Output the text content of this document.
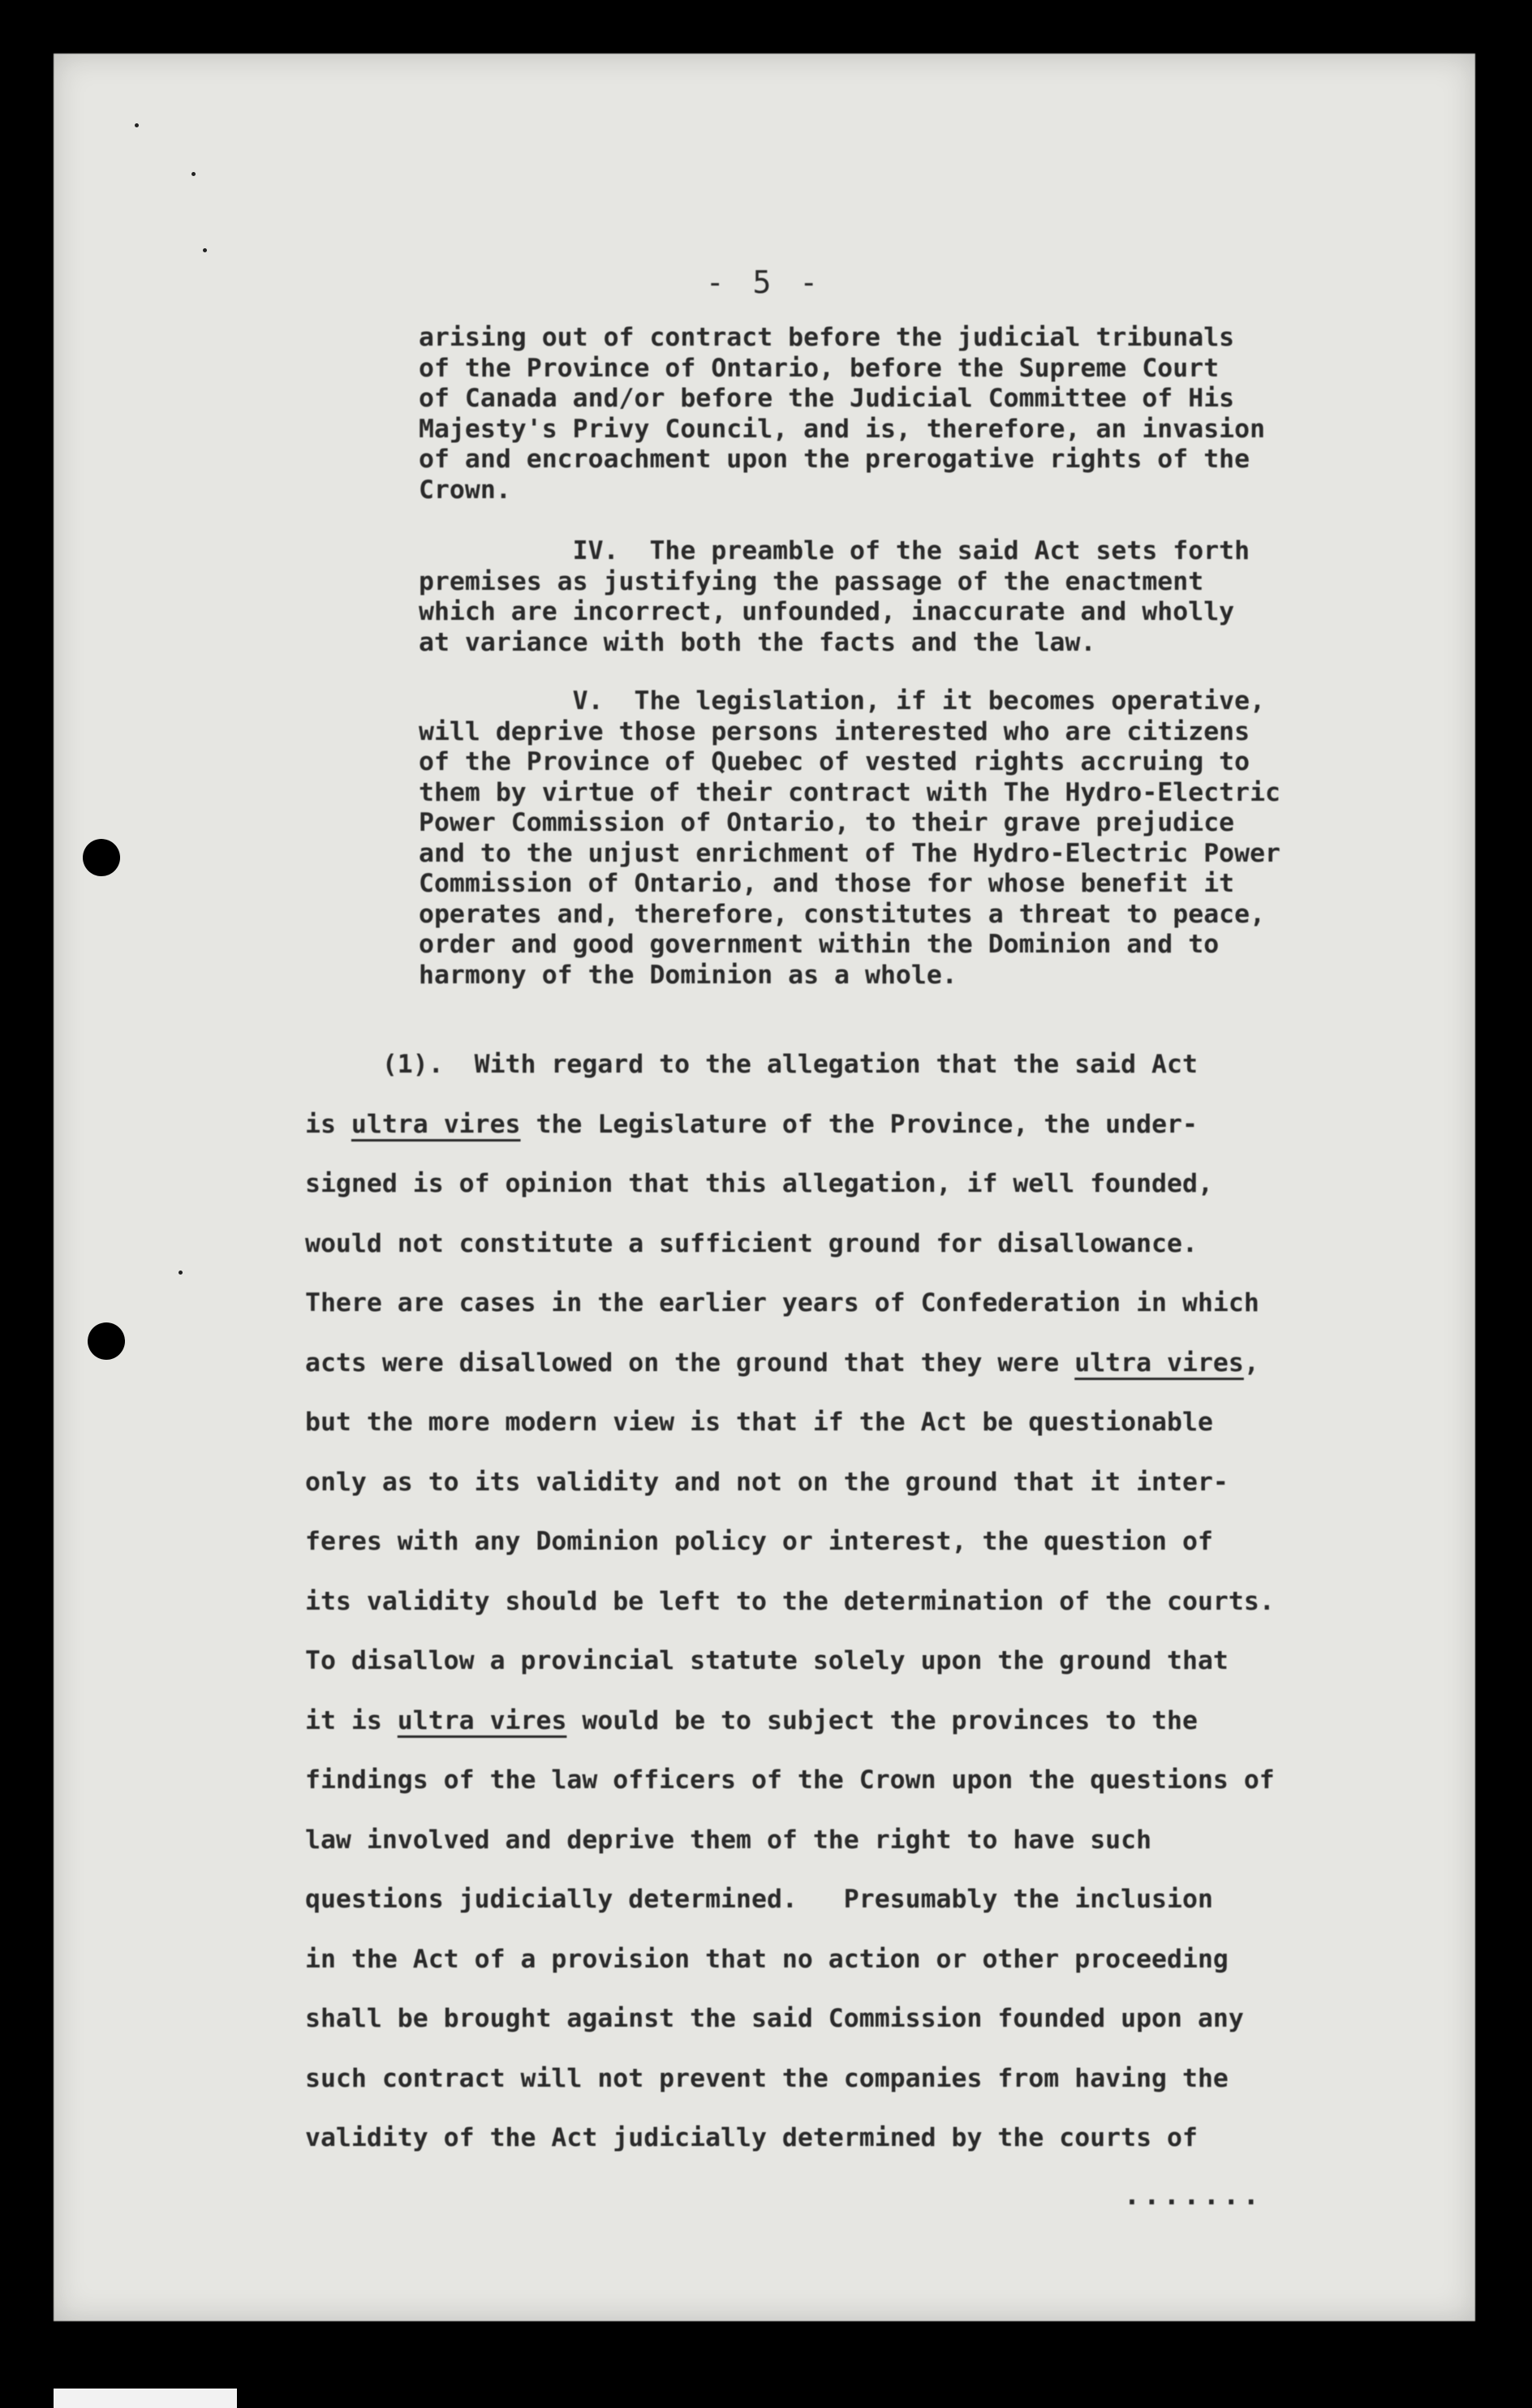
- 5 -
arising out of contract before the judicial tribunals
of the Province of Ontario, before the Supreme Court
of Canada and/or before the Judicial Committee of His
Majesty's Privy Council, and is, therefore, an invasion
of and encroachment upon the prerogative rights of the
Crown.
IV.  The preamble of the said Act sets forth
premises as justifying the passage of the enactment
which are incorrect, unfounded, inaccurate and wholly
at variance with both the facts and the law.
V.  The legislation, if it becomes operative,
will deprive those persons interested who are citizens
of the Province of Quebec of vested rights accruing to
them by virtue of their contract with The Hydro-Electric
Power Commission of Ontario, to their grave prejudice
and to the unjust enrichment of The Hydro-Electric Power
Commission of Ontario, and those for whose benefit it
operates and, therefore, constitutes a threat to peace,
order and good government within the Dominion and to
harmony of the Dominion as a whole.
(1).  With regard to the allegation that the said Act
is ultra vires the Legislature of the Province, the under-
signed is of opinion that this allegation, if well founded,
would not constitute a sufficient ground for disallowance.
There are cases in the earlier years of Confederation in which
acts were disallowed on the ground that they were ultra vires,
but the more modern view is that if the Act be questionable
only as to its validity and not on the ground that it inter-
feres with any Dominion policy or interest, the question of
its validity should be left to the determination of the courts.
To disallow a provincial statute solely upon the ground that
it is ultra vires would be to subject the provinces to the
findings of the law officers of the Crown upon the questions of
law involved and deprive them of the right to have such
questions judicially determined.   Presumably the inclusion
in the Act of a provision that no action or other proceeding
shall be brought against the said Commission founded upon any
such contract will not prevent the companies from having the
validity of the Act judicially determined by the courts of
.......
